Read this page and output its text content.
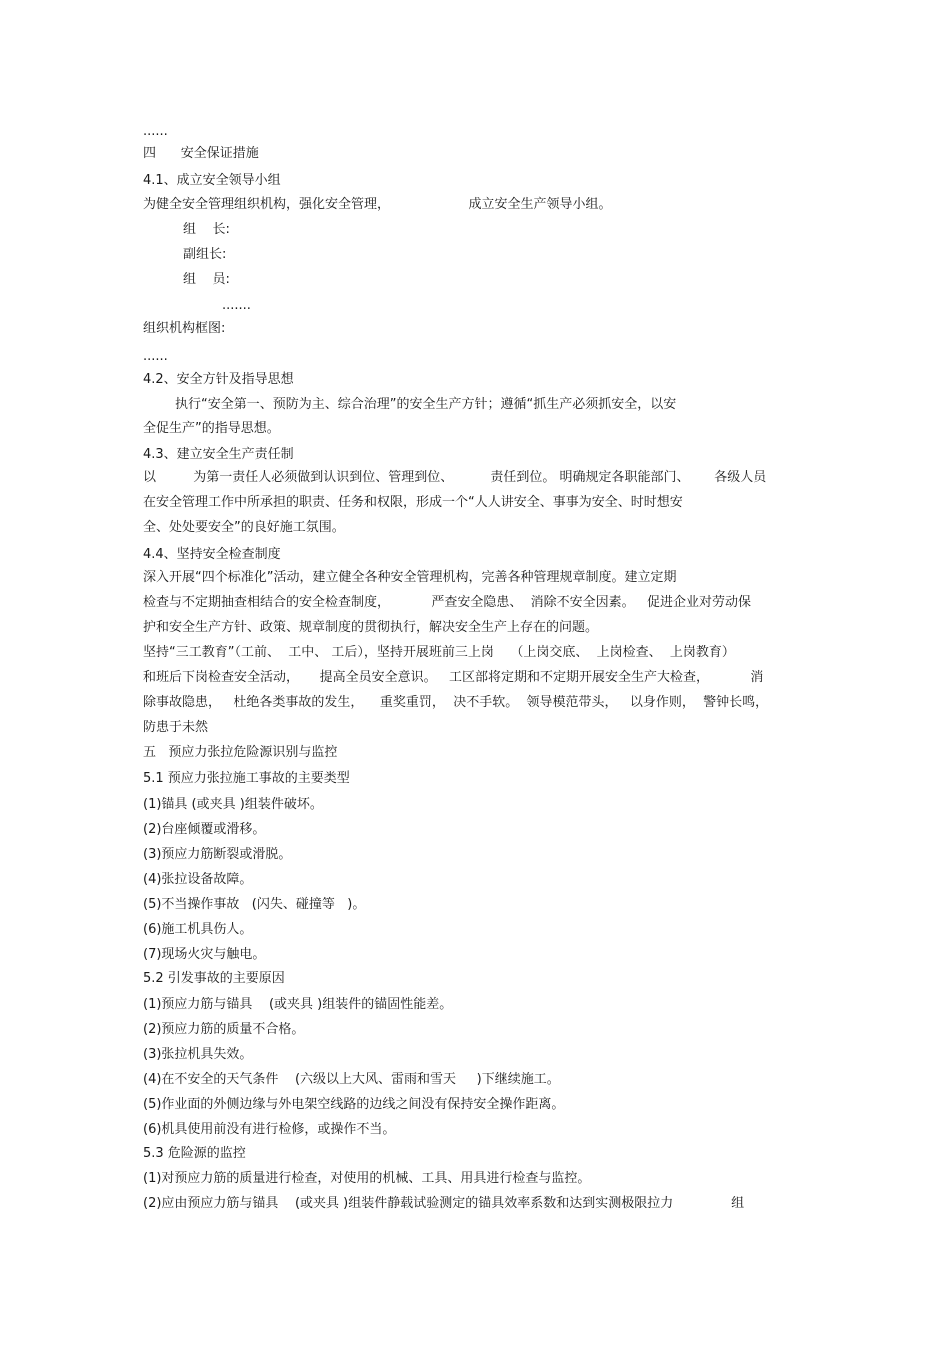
......
四      安全保证措施
4.1、成立安全领导小组
为健全安全管理组织机构，强化安全管理，                   成立安全生产领导小组。
组    长:
副组长:
组    员:
.......
组织机构框图:
......
4.2、安全方针及指导思想
执行“安全第一、预防为主、综合治理”的安全生产方针；遵循“抓生产必须抓安全，以安
全促生产”的指导思想。
4.3、建立安全生产责任制
以         为第一责任人必须做到认识到位、管理到位、         责任到位。 明确规定各职能部门、      各级人员
在安全管理工作中所承担的职责、任务和权限，形成一个“人人讲安全、事事为安全、时时想安
全、处处要安全”的良好施工氛围。
4.4、坚持安全检查制度
深入开展“四个标准化”活动，建立健全各种安全管理机构，完善各种管理规章制度。建立定期
检查与不定期抽查相结合的安全检查制度，          严查安全隐患、  消除不安全因素。   促进企业对劳动保
护和安全生产方针、政策、规章制度的贯彻执行，解决安全生产上存在的问题。
坚持“三工教育”（工前、  工中、 工后），坚持开展班前三上岗    （上岗交底、  上岗检查、  上岗教育）
和班后下岗检查安全活动，     提高全员安全意识。   工区部将定期和不定期开展安全生产大检查，          消
除事故隐患，   杜绝各类事故的发生，    重奖重罚，  决不手软。  领导模范带头，   以身作则，  警钟长鸣，
防患于未然
五   预应力张拉危险源识别与监控
5.1 预应力张拉施工事故的主要类型
(1)锚具 (或夹具 )组装件破坏。
(2)台座倾覆或滑移。
(3)预应力筋断裂或滑脱。
(4)张拉设备故障。
(5)不当操作事故   (闪失、碰撞等   )。
(6)施工机具伤人。
(7)现场火灾与触电。
5.2 引发事故的主要原因
(1)预应力筋与锚具    (或夹具 )组装件的锚固性能差。
(2)预应力筋的质量不合格。
(3)张拉机具失效。
(4)在不安全的天气条件    (六级以上大风、雷雨和雪天     )下继续施工。
(5)作业面的外侧边缘与外电架空线路的边线之间没有保持安全操作距离。
(6)机具使用前没有进行检修，或操作不当。
5.3 危险源的监控
(1)对预应力筋的质量进行检查，对使用的机械、工具、用具进行检查与监控。
(2)应由预应力筋与锚具    (或夹具 )组装件静载试验测定的锚具效率系数和达到实测极限拉力              组
